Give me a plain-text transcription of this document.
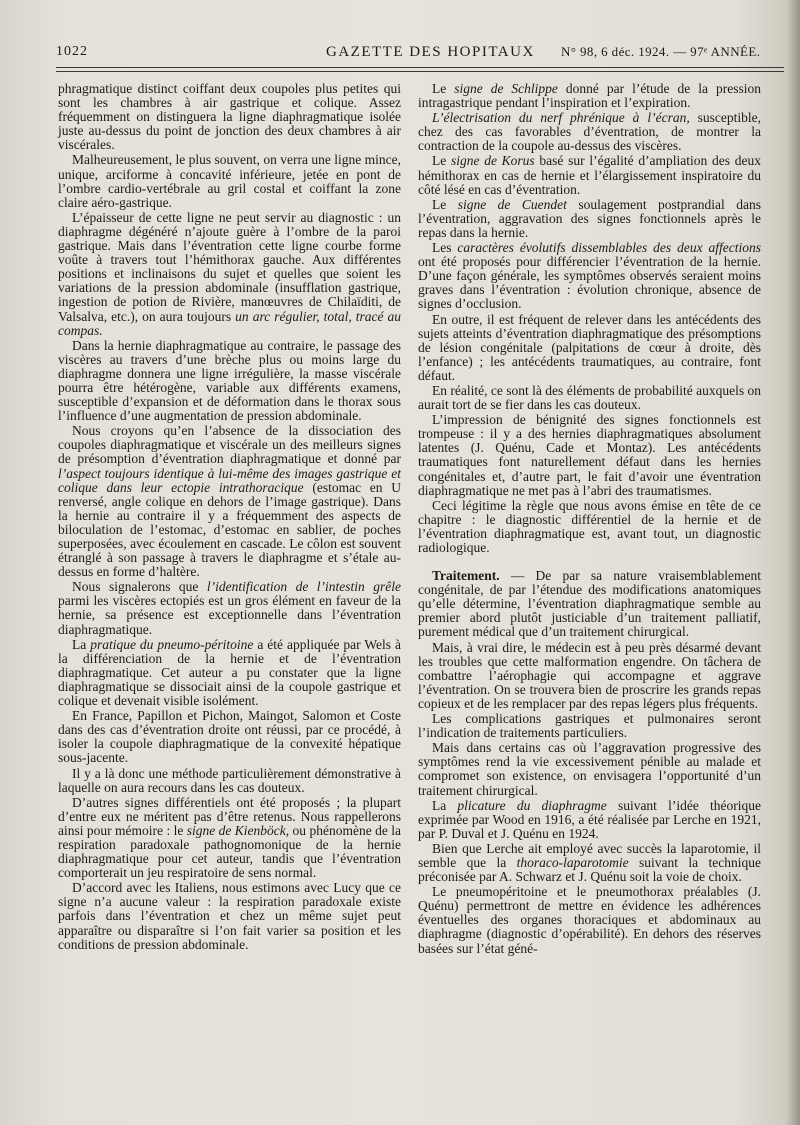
1022	GAZETTE DES HOPITAUX N° 98, 6 déc. 1924. — 97ᵉ ANNÉE.

phragmatique distinct coiffant deux coupoles plus petites qui sont les chambres à air gastrique et colique. Assez fréquemment on distinguera la ligne diaphragmatique isolée juste au-dessus du point de jonction des deux chambres à air viscérales.

Malheureusement, le plus souvent, on verra une ligne mince, unique, arciforme à concavité inférieure, jetée en pont de l’ombre cardio-vertébrale au gril costal et coiffant la zone claire aéro-gastrique.

L’épaisseur de cette ligne ne peut servir au diagnostic : un diaphragme dégénéré n’ajoute guère à l’ombre de la paroi gastrique. Mais dans l’éventration cette ligne courbe forme voûte à travers tout l’hémithorax gauche. Aux différentes positions et inclinaisons du sujet et quelles que soient les variations de la pression abdominale (insufflation gastrique, ingestion de potion de Rivière, manœuvres de Chilaïditi, de Valsalva, etc.), on aura toujours un arc régulier, total, tracé au compas.

Dans la hernie diaphragmatique au contraire, le passage des viscères au travers d’une brèche plus ou moins large du diaphragme donnera une ligne irrégulière, la masse viscérale pourra être hétérogène, variable aux différents examens, susceptible d’expansion et de déformation dans le thorax sous l’influence d’une augmentation de pression abdominale.

Nous croyons qu’en l’absence de la dissociation des coupoles diaphragmatique et viscérale un des meilleurs signes de présomption d’éventration diaphragmatique et donné par l’aspect toujours identique à lui-même des images gastrique et colique dans leur ectopie intrathoracique (estomac en U renversé, angle colique en dehors de l’image gastrique). Dans la hernie au contraire il y a fréquemment des aspects de biloculation de l’estomac, d’estomac en sablier, de poches superposées, avec écoulement en cascade. Le côlon est souvent étranglé à son passage à travers le diaphragme et s’étale au-dessus en forme d’haltère.

Nous signalerons que l’identification de l’intestin grêle parmi les viscères ectopiés est un gros élément en faveur de la hernie, sa présence est exceptionnelle dans l’éventration diaphragmatique.

La pratique du pneumo-péritoine a été appliquée par Wels à la différenciation de la hernie et de l’éventration diaphragmatique. Cet auteur a pu constater que la ligne diaphragmatique se dissociait ainsi de la coupole gastrique et colique et devenait visible isolément.

En France, Papillon et Pichon, Maingot, Salomon et Coste dans des cas d’éventration droite ont réussi, par ce procédé, à isoler la coupole diaphragmatique de la convexité hépatique sous-jacente.

Il y a là donc une méthode particulièrement démonstrative à laquelle on aura recours dans les cas douteux.

D’autres signes différentiels ont été proposés ; la plupart d’entre eux ne méritent pas d’être retenus. Nous rappellerons ainsi pour mémoire : le signe de Kienböck, ou phénomène de la respiration paradoxale pathognomonique de la hernie diaphragmatique pour cet auteur, tandis que l’éventration comporterait un jeu respiratoire de sens normal.

D’accord avec les Italiens, nous estimons avec Lucy que ce signe n’a aucune valeur : la respiration paradoxale existe parfois dans l’éventration et chez un même sujet peut apparaître ou disparaître si l’on fait varier sa position et les conditions de pression abdominale.

Le signe de Schlippe donné par l’étude de la pression intragastrique pendant l’inspiration et l’expiration.

L’électrisation du nerf phrénique à l’écran, susceptible, chez des cas favorables d’éventration, de montrer la contraction de la coupole au-dessus des viscères.

Le signe de Korus basé sur l’égalité d’ampliation des deux hémithorax en cas de hernie et l’élargissement inspiratoire du côté lésé en cas d’éventration.

Le signe de Cuendet soulagement postprandial dans l’éventration, aggravation des signes fonctionnels après le repas dans la hernie.

Les caractères évolutifs dissemblables des deux affections ont été proposés pour différencier l’éventration de la hernie. D’une façon générale, les symptômes observés seraient moins graves dans l’éventration : évolution chronique, absence de signes d’occlusion.

En outre, il est fréquent de relever dans les antécédents des sujets atteints d’éventration diaphragmatique des présomptions de lésion congénitale (palpitations de cœur à droite, dès l’enfance) ; les antécédents traumatiques, au contraire, font défaut.

En réalité, ce sont là des éléments de probabilité auxquels on aurait tort de se fier dans les cas douteux.

L’impression de bénignité des signes fonctionnels est trompeuse : il y a des hernies diaphragmatiques absolument latentes (J. Quénu, Cade et Montaz). Les antécédents traumatiques font naturellement défaut dans les hernies congénitales et, d’autre part, le fait d’avoir une éventration diaphragmatique ne met pas à l’abri des traumatismes.

Ceci légitime la règle que nous avons émise en tête de ce chapitre : le diagnostic différentiel de la hernie et de l’éventration diaphragmatique est, avant tout, un diagnostic radiologique.

Traitement. — De par sa nature vraisemblablement congénitale, de par l’étendue des modifications anatomiques qu’elle détermine, l’éventration diaphragmatique semble au premier abord plutôt justiciable d’un traitement palliatif, purement médical que d’un traitement chirurgical.

Mais, à vrai dire, le médecin est à peu près désarmé devant les troubles que cette malformation engendre. On tâchera de combattre l’aérophagie qui accompagne et aggrave l’éventration. On se trouvera bien de proscrire les grands repas copieux et de les remplacer par des repas légers plus fréquents.

Les complications gastriques et pulmonaires seront l’indication de traitements particuliers.

Mais dans certains cas où l’aggravation progressive des symptômes rend la vie excessivement pénible au malade et compromet son existence, on envisagera l’opportunité d’un traitement chirurgical.

La plicature du diaphragme suivant l’idée théorique exprimée par Wood en 1916, a été réalisée par Lerche en 1921, par P. Duval et J. Quénu en 1924.

Bien que Lerche ait employé avec succès la laparotomie, il semble que la thoraco-laparotomie suivant la technique préconisée par A. Schwarz et J. Quénu soit la voie de choix.

Le pneumopéritoine et le pneumothorax préalables (J. Quénu) permettront de mettre en évidence les adhérences éventuelles des organes thoraciques et abdominaux au diaphragme (diagnostic d’opérabilité). En dehors des réserves basées sur l’état géné-
